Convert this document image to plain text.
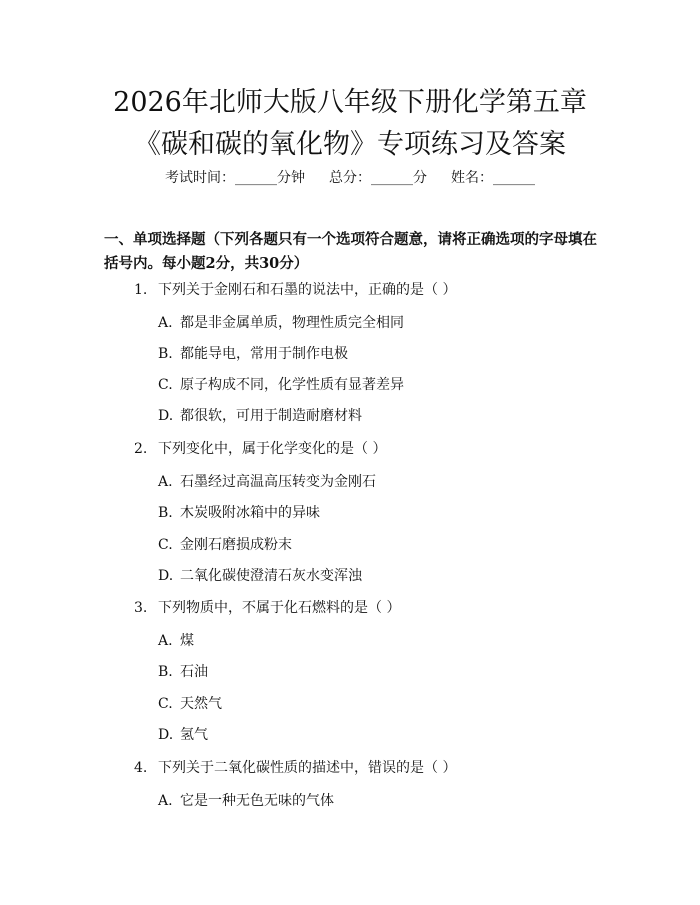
2026年北师大版八年级下册化学第五章《碳和碳的氧化物》专项练习及答案
考试时间：______分钟 总分：______分 姓名：______

一、单项选择题（下列各题只有一个选项符合题意，请将正确选项的字母填在括号内。每小题2分，共30分）

1. 下列关于金刚石和石墨的说法中，正确的是（ ）
A. 都是非金属单质，物理性质完全相同
B. 都能导电，常用于制作电极
C. 原子构成不同，化学性质有显著差异
D. 都很软，可用于制造耐磨材料
2. 下列变化中，属于化学变化的是（ ）
A. 石墨经过高温高压转变为金刚石
B. 木炭吸附冰箱中的异味
C. 金刚石磨损成粉末
D. 二氧化碳使澄清石灰水变浑浊
3. 下列物质中，不属于化石燃料的是（ ）
A. 煤
B. 石油
C. 天然气
D. 氢气
4. 下列关于二氧化碳性质的描述中，错误的是（ ）
A. 它是一种无色无味的气体
